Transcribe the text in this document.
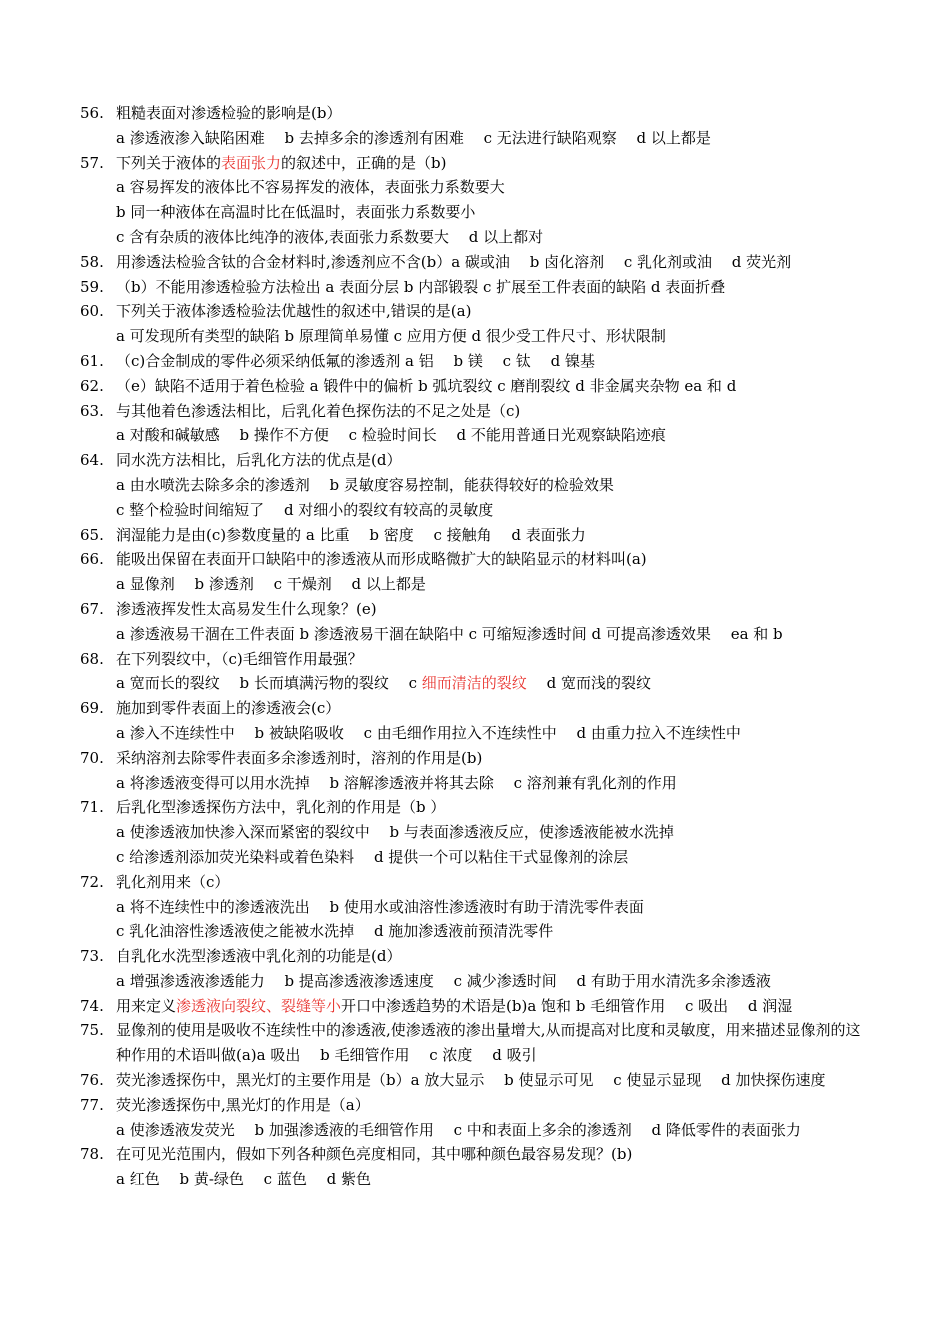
56. 粗糙表面对渗透检验的影响是(b）
a 渗透液渗入缺陷困难　 b 去掉多余的渗透剂有困难　 c 无法进行缺陷观察　 d 以上都是
57. 下列关于液体的表面张力的叙述中，正确的是（b)
a 容易挥发的液体比不容易挥发的液体，表面张力系数要大
b 同一种液体在高温时比在低温时，表面张力系数要小
c 含有杂质的液体比纯净的液体,表面张力系数要大　 d 以上都对
58. 用渗透法检验含钛的合金材料时,渗透剂应不含(b）a 碳或油　 b 卤化溶剂　 c 乳化剂或油　 d 荧光剂
59. （b）不能用渗透检验方法检出 a 表面分层 b 内部锻裂 c 扩展至工件表面的缺陷 d 表面折叠
60. 下列关于液体渗透检验法优越性的叙述中,错误的是(a)
a 可发现所有类型的缺陷 b 原理简单易懂 c 应用方便 d 很少受工件尺寸、形状限制
61. （c)合金制成的零件必须采纳低氟的渗透剂 a 铝　 b 镁　 c 钛　 d 镍基
62. （e）缺陷不适用于着色检验 a 锻件中的偏析 b 弧坑裂纹 c 磨削裂纹 d 非金属夹杂物 ea 和 d
63. 与其他着色渗透法相比，后乳化着色探伤法的不足之处是（c)
a 对酸和碱敏感　 b 操作不方便　 c 检验时间长　 d 不能用普通日光观察缺陷迹痕
64. 同水洗方法相比，后乳化方法的优点是(d）
a 由水喷洗去除多余的渗透剂　 b 灵敏度容易控制，能获得较好的检验效果
c 整个检验时间缩短了　 d 对细小的裂纹有较高的灵敏度
65. 润湿能力是由(c)参数度量的 a 比重　 b 密度　 c 接触角　 d 表面张力
66. 能吸出保留在表面开口缺陷中的渗透液从而形成略微扩大的缺陷显示的材料叫(a)
a 显像剂　 b 渗透剂　 c 干燥剂　 d 以上都是
67. 渗透液挥发性太高易发生什么现象？(e)
a 渗透液易干涸在工件表面 b 渗透液易干涸在缺陷中 c 可缩短渗透时间 d 可提高渗透效果　 ea 和 b
68. 在下列裂纹中，（c)毛细管作用最强？
a 宽而长的裂纹　 b 长而填满污物的裂纹　 c 细而清洁的裂纹　 d 宽而浅的裂纹
69. 施加到零件表面上的渗透液会(c）
a 渗入不连续性中　 b 被缺陷吸收　 c 由毛细作用拉入不连续性中　 d 由重力拉入不连续性中
70. 采纳溶剂去除零件表面多余渗透剂时，溶剂的作用是(b)
a 将渗透液变得可以用水洗掉　 b 溶解渗透液并将其去除　 c 溶剂兼有乳化剂的作用
71. 后乳化型渗透探伤方法中，乳化剂的作用是（b ）
a 使渗透液加快渗入深而紧密的裂纹中　 b 与表面渗透液反应，使渗透液能被水洗掉
c 给渗透剂添加荧光染料或着色染料　 d 提供一个可以粘住干式显像剂的涂层
72. 乳化剂用来（c）
a 将不连续性中的渗透液洗出　 b 使用水或油溶性渗透液时有助于清洗零件表面
c 乳化油溶性渗透液使之能被水洗掉　 d 施加渗透液前预清洗零件
73. 自乳化水洗型渗透液中乳化剂的功能是(d）
a 增强渗透液渗透能力　 b 提高渗透液渗透速度　 c 减少渗透时间　 d 有助于用水清洗多余渗透液
74. 用来定义渗透液向裂纹、裂缝等小开口中渗透趋势的术语是(b)a 饱和 b 毛细管作用　 c 吸出　 d 润湿
75. 显像剂的使用是吸收不连续性中的渗透液,使渗透液的渗出量增大,从而提高对比度和灵敏度，用来描述显像剂的这种作用的术语叫做(a)a 吸出　 b 毛细管作用　 c 浓度　 d 吸引
76. 荧光渗透探伤中，黑光灯的主要作用是（b）a 放大显示　 b 使显示可见　 c 使显示显现　 d 加快探伤速度
77. 荧光渗透探伤中,黑光灯的作用是（a）
a 使渗透液发荧光　 b 加强渗透液的毛细管作用　 c 中和表面上多余的渗透剂　 d 降低零件的表面张力
78. 在可见光范围内，假如下列各种颜色亮度相同，其中哪种颜色最容易发现？(b)
a 红色　 b 黄-绿色　 c 蓝色　 d 紫色
